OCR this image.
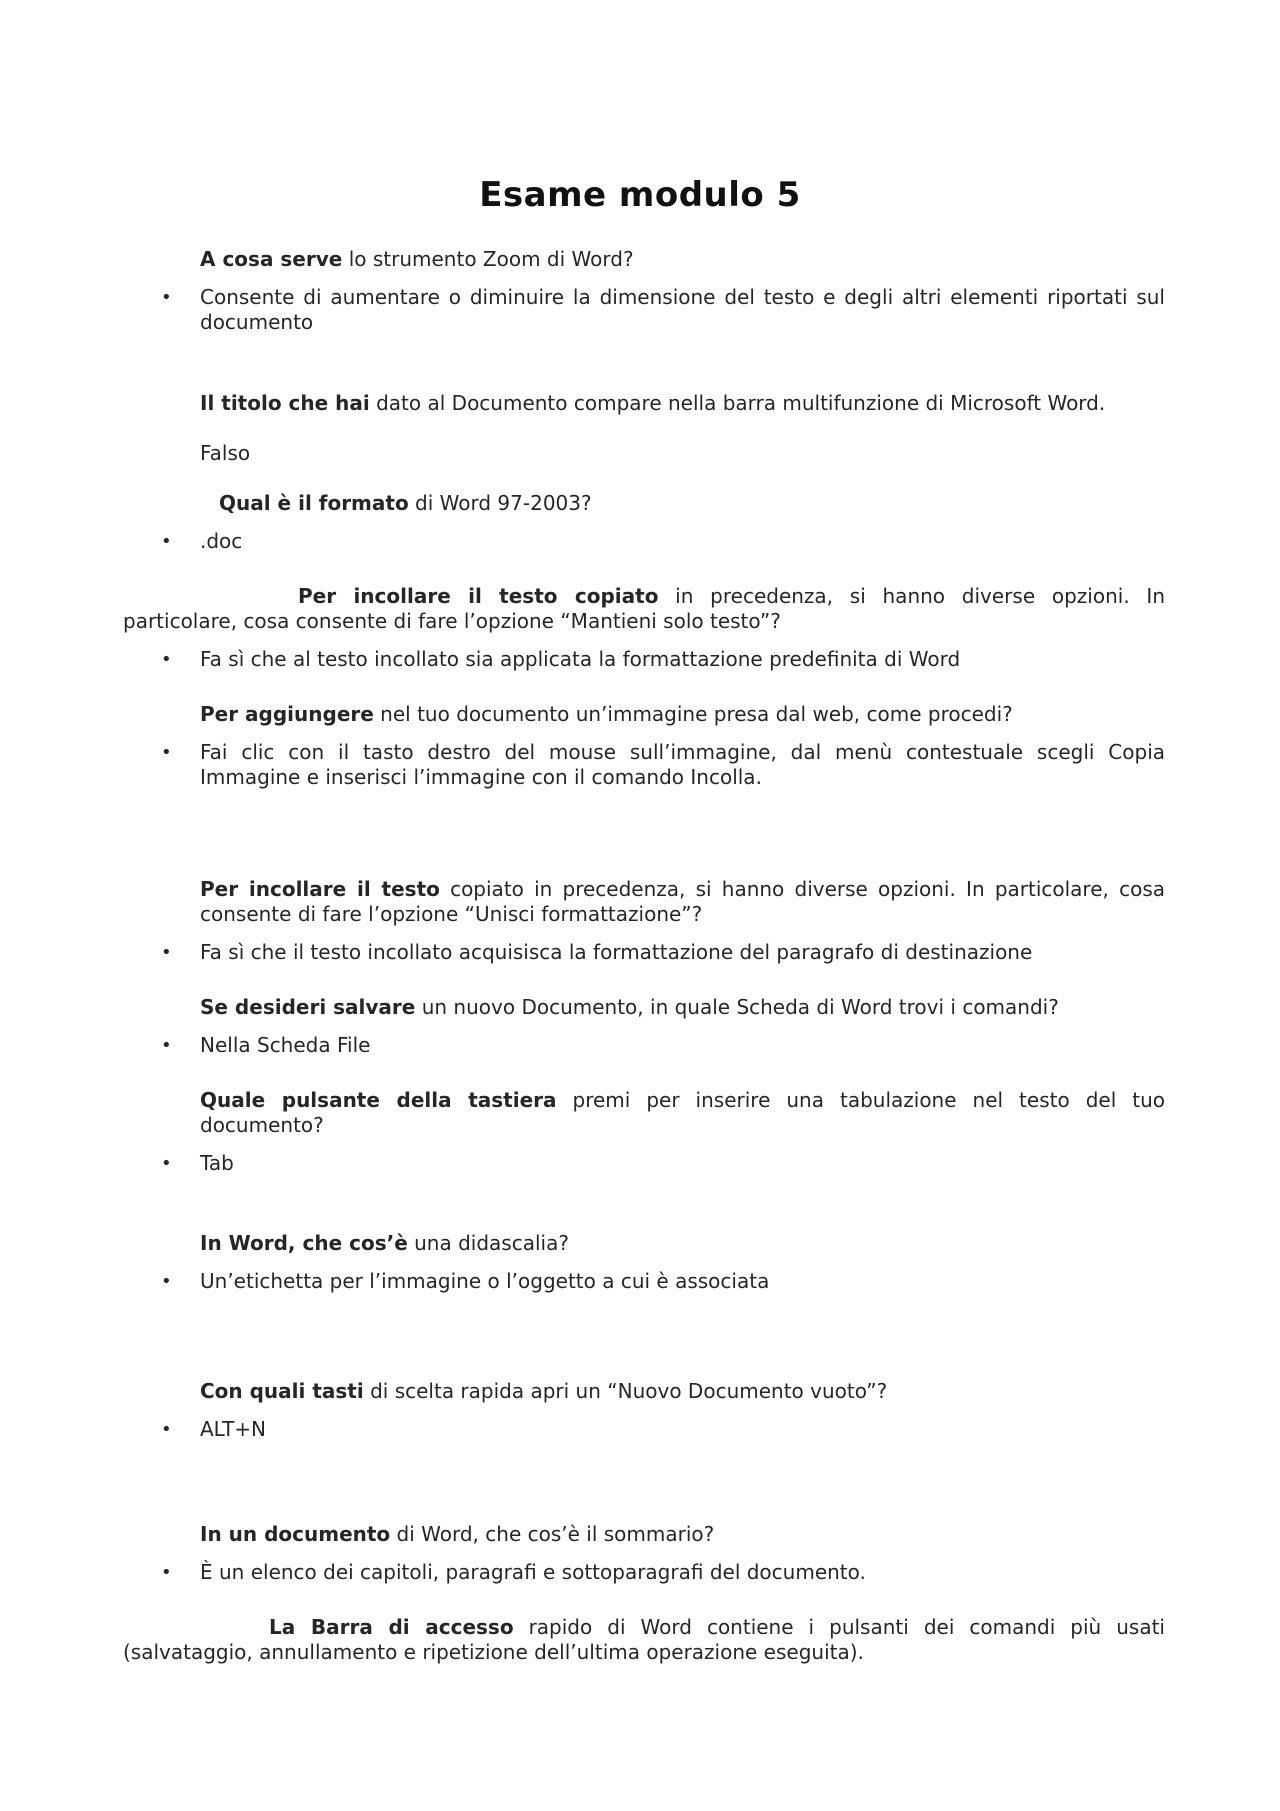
Esame modulo 5

A cosa serve lo strumento Zoom di Word?

• Consente di aumentare o diminuire la dimensione del testo e degli altri elementi riportati sul documento

Il titolo che hai dato al Documento compare nella barra multifunzione di Microsoft Word.

Falso

Qual è il formato di Word 97-2003?

• .doc

Per incollare il testo copiato in precedenza, si hanno diverse opzioni. In particolare, cosa consente di fare l’opzione “Mantieni solo testo”?

• Fa sì che al testo incollato sia applicata la formattazione predefinita di Word

Per aggiungere nel tuo documento un’immagine presa dal web, come procedi?

• Fai clic con il tasto destro del mouse sull’immagine, dal menù contestuale scegli Copia Immagine e inserisci l’immagine con il comando Incolla.

Per incollare il testo copiato in precedenza, si hanno diverse opzioni. In particolare, cosa consente di fare l’opzione “Unisci formattazione”?

• Fa sì che il testo incollato acquisisca la formattazione del paragrafo di destinazione

Se desideri salvare un nuovo Documento, in quale Scheda di Word trovi i comandi?

• Nella Scheda File

Quale pulsante della tastiera premi per inserire una tabulazione nel testo del tuo documento?

• Tab

In Word, che cos’è una didascalia?

• Un’etichetta per l’immagine o l’oggetto a cui è associata

Con quali tasti di scelta rapida apri un “Nuovo Documento vuoto”?

• ALT+N

In un documento di Word, che cos’è il sommario?

• È un elenco dei capitoli, paragrafi e sottoparagrafi del documento.

La Barra di accesso rapido di Word contiene i pulsanti dei comandi più usati (salvataggio, annullamento e ripetizione dell’ultima operazione eseguita).
